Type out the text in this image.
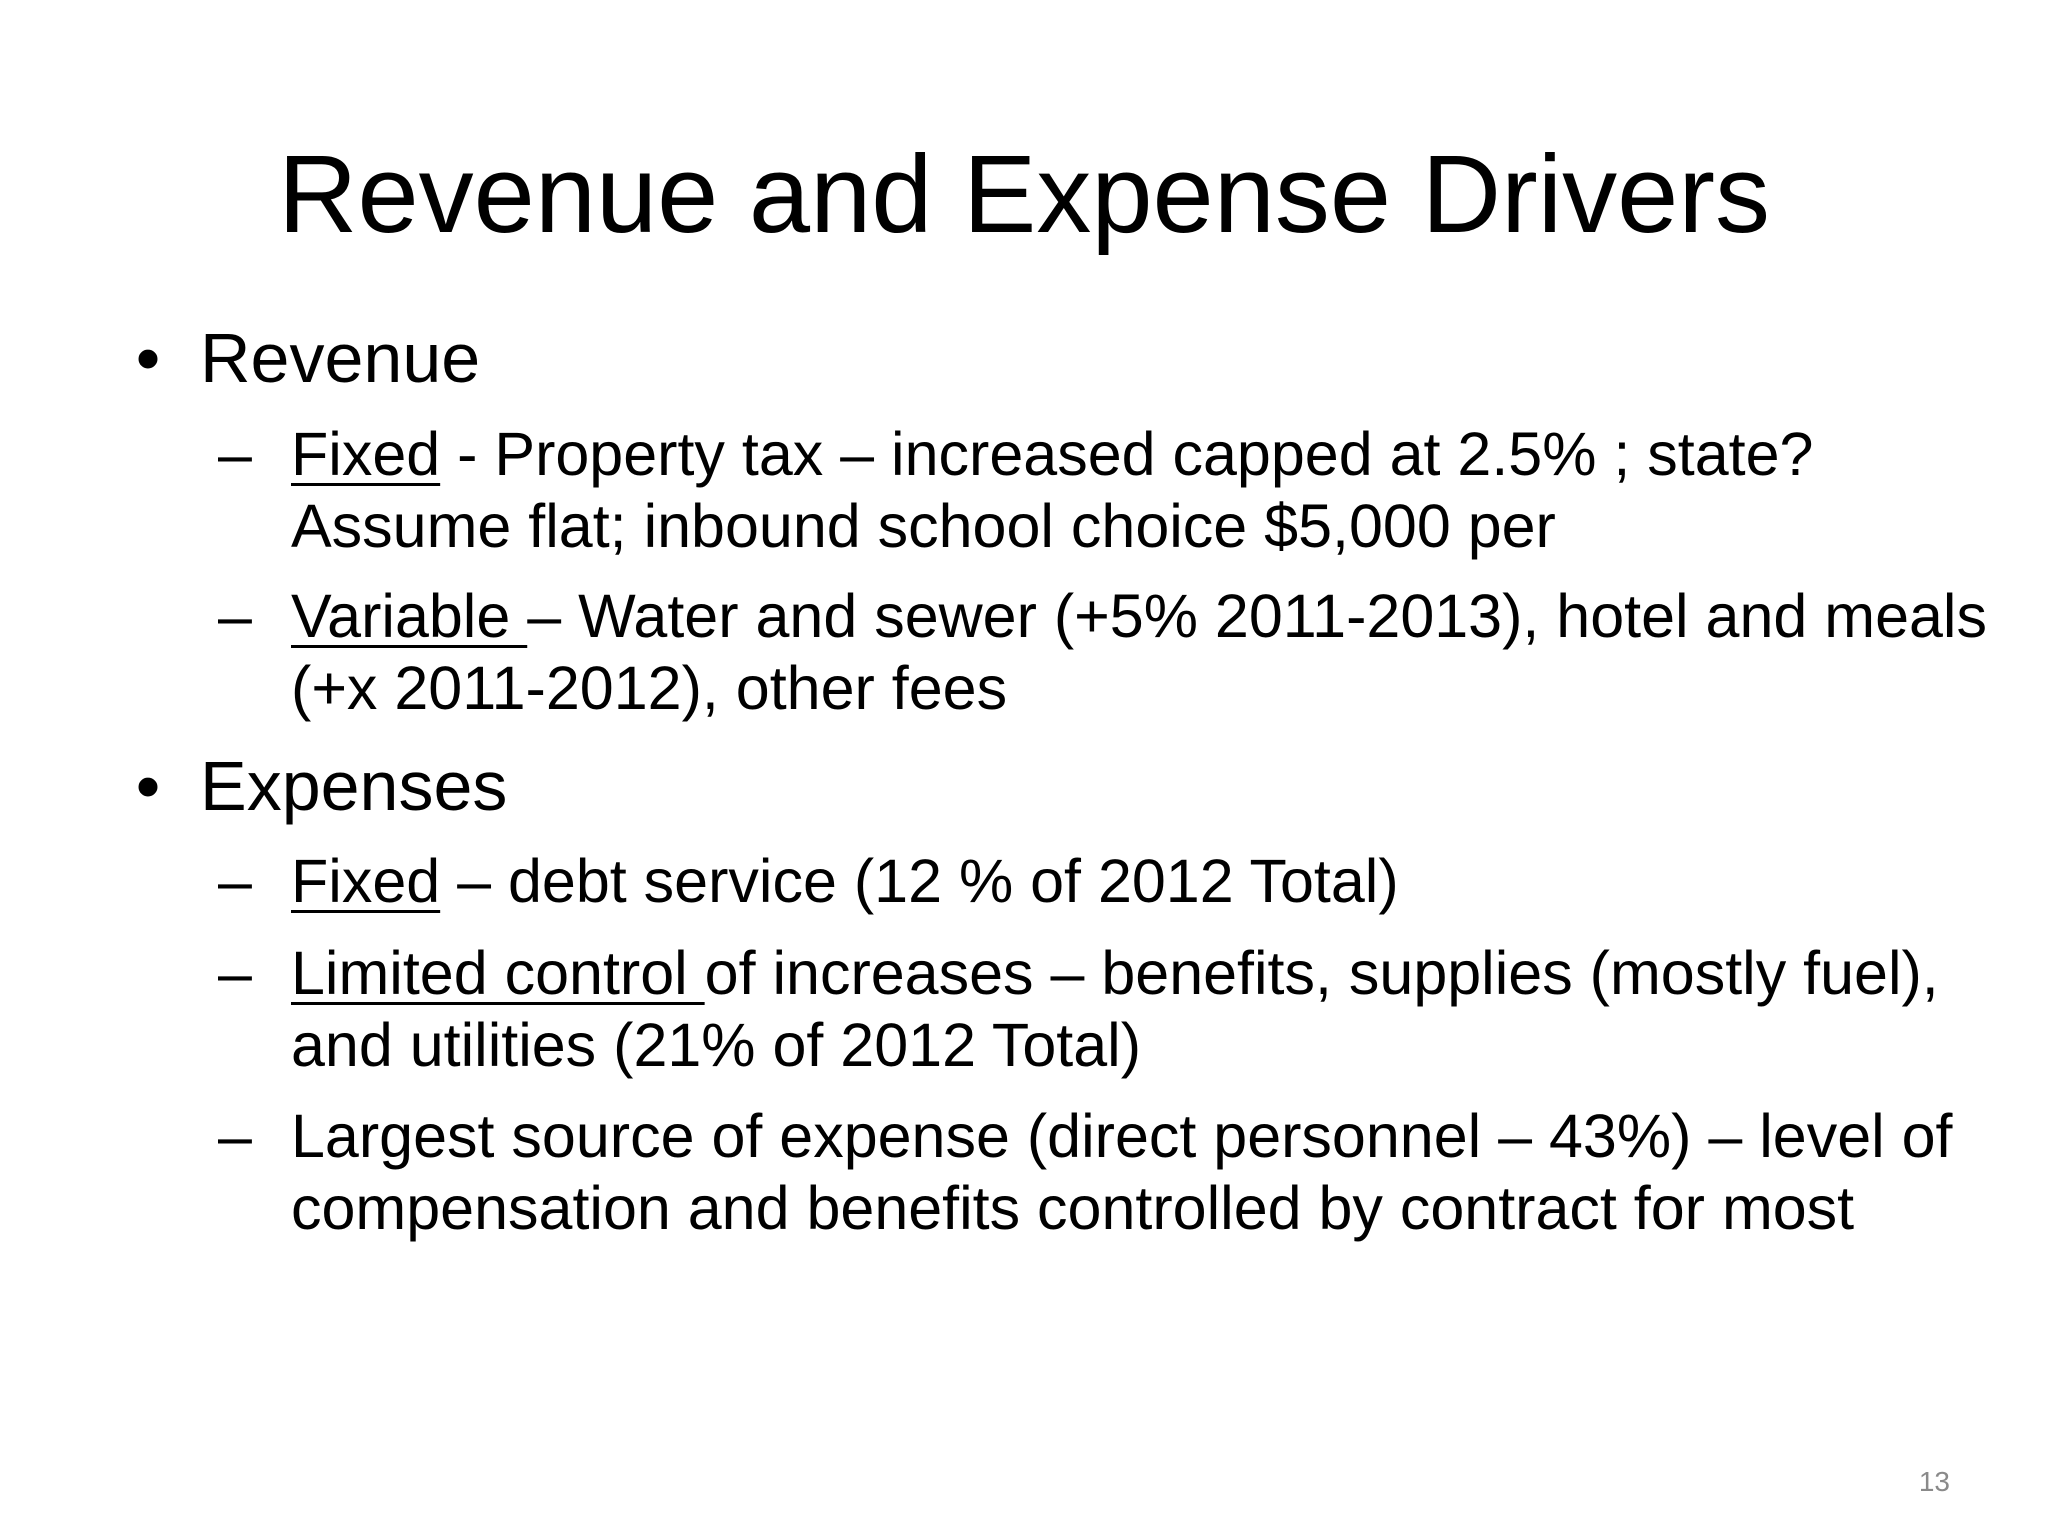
Revenue and Expense Drivers
• Revenue
– Fixed - Property tax – increased capped at 2.5% ; state? Assume flat; inbound school choice $5,000 per
– Variable – Water and sewer (+5% 2011-2013), hotel and meals (+x 2011-2012), other fees
• Expenses
– Fixed – debt service (12 % of 2012 Total)
– Limited control of increases – benefits, supplies (mostly fuel), and utilities (21% of 2012 Total)
– Largest source of expense (direct personnel – 43%) – level of compensation and benefits controlled by contract for most
13
